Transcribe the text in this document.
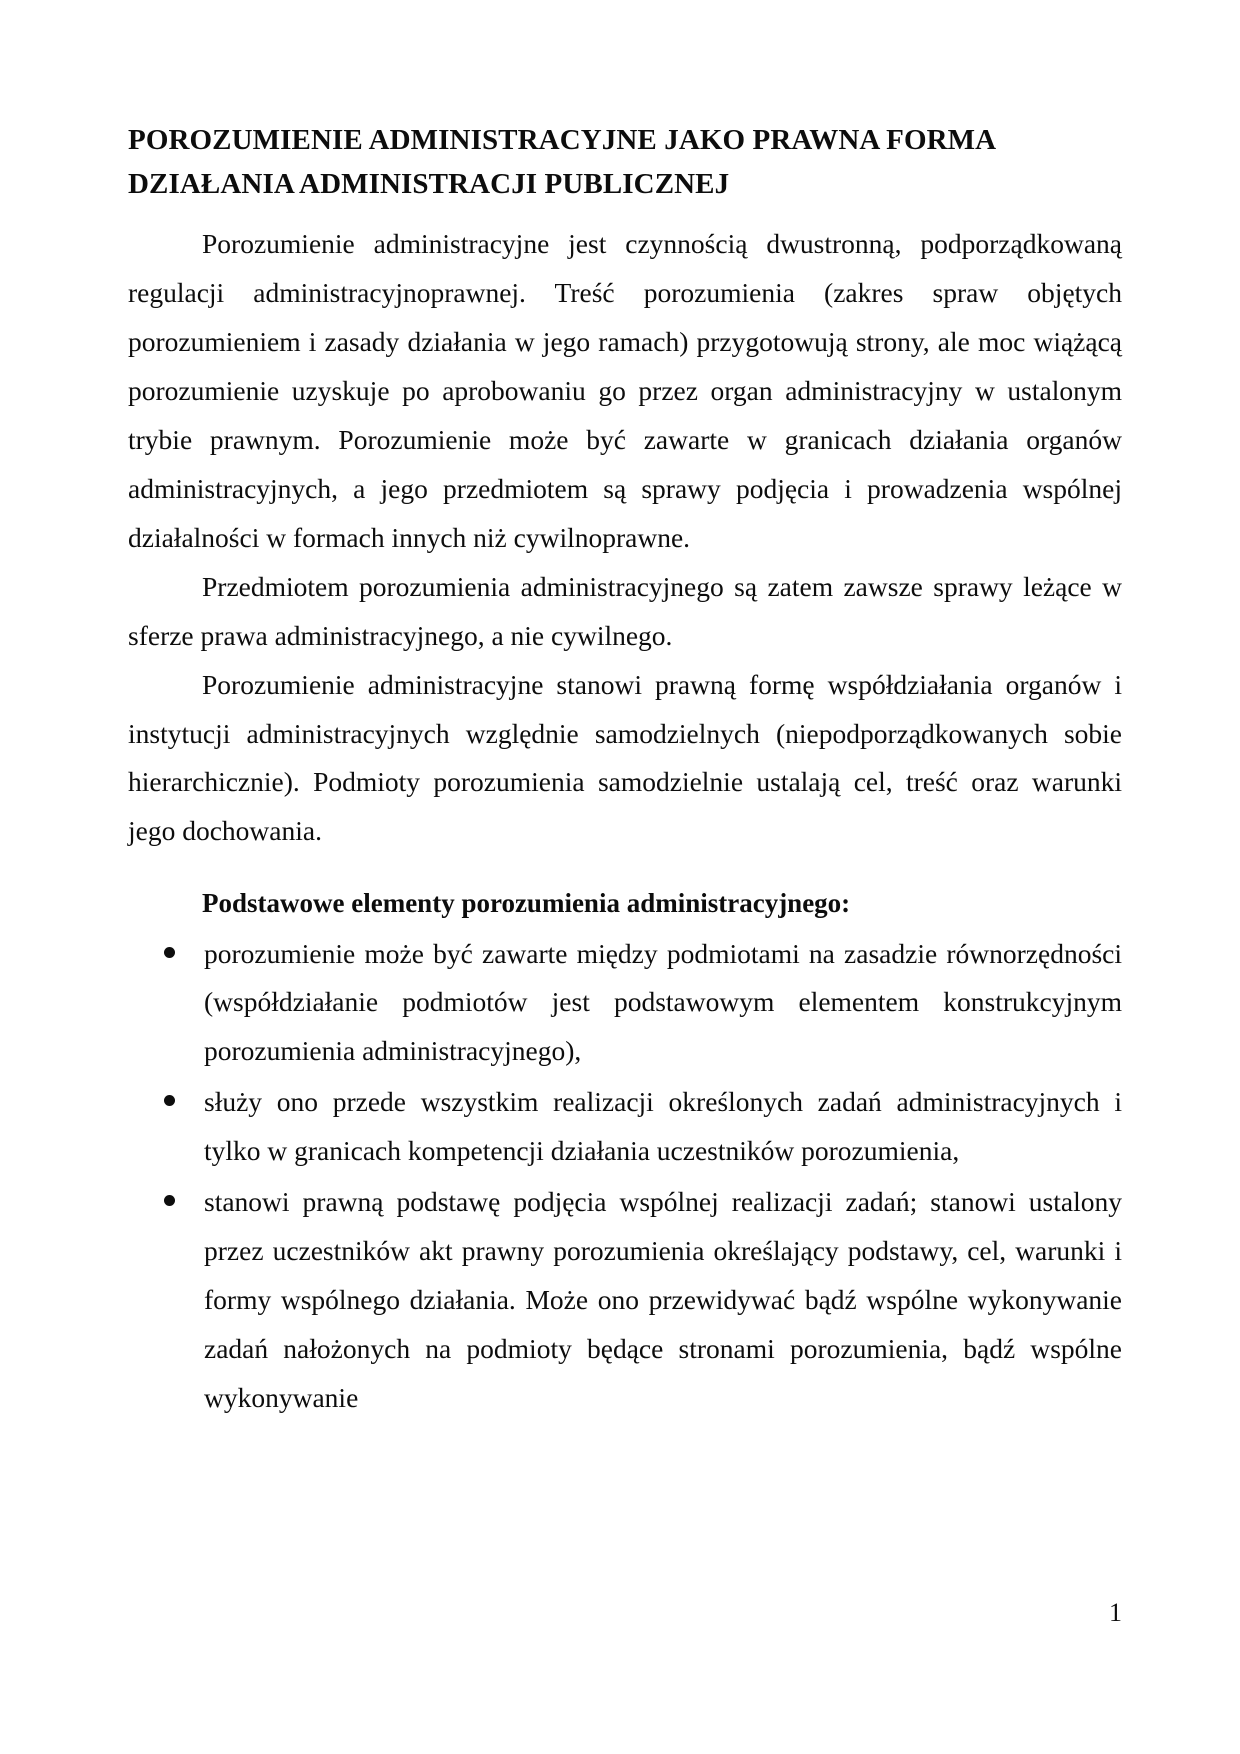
POROZUMIENIE ADMINISTRACYJNE JAKO PRAWNA FORMA
DZIAŁANIA ADMINISTRACJI PUBLICZNEJ

Porozumienie administracyjne jest czynnością dwustronną, podporządkowaną regulacji administracyjnoprawnej. Treść porozumienia (zakres spraw objętych porozumieniem i zasady działania w jego ramach) przygotowują strony, ale moc wiążącą porozumienie uzyskuje po aprobowaniu go przez organ administracyjny w ustalonym trybie prawnym. Porozumienie może być zawarte w granicach działania organów administracyjnych, a jego przedmiotem są sprawy podjęcia i prowadzenia wspólnej działalności w formach innych niż cywilnoprawne.

Przedmiotem porozumienia administracyjnego są zatem zawsze sprawy leżące w sferze prawa administracyjnego, a nie cywilnego.

Porozumienie administracyjne stanowi prawną formę współdziałania organów i instytucji administracyjnych względnie samodzielnych (niepodporządkowanych sobie hierarchicznie). Podmioty porozumienia samodzielnie ustalają cel, treść oraz warunki jego dochowania.

Podstawowe elementy porozumienia administracyjnego:
porozumienie może być zawarte między podmiotami na zasadzie równorzędności (współdziałanie podmiotów jest podstawowym elementem konstrukcyjnym porozumienia administracyjnego),
służy ono przede wszystkim realizacji określonych zadań administracyjnych i tylko w granicach kompetencji działania uczestników porozumienia,
stanowi prawną podstawę podjęcia wspólnej realizacji zadań; stanowi ustalony przez uczestników akt prawny porozumienia określający podstawy, cel, warunki i formy wspólnego działania. Może ono przewidywać bądź wspólne wykonywanie zadań nałożonych na podmioty będące stronami porozumienia, bądź wspólne wykonywanie
1
